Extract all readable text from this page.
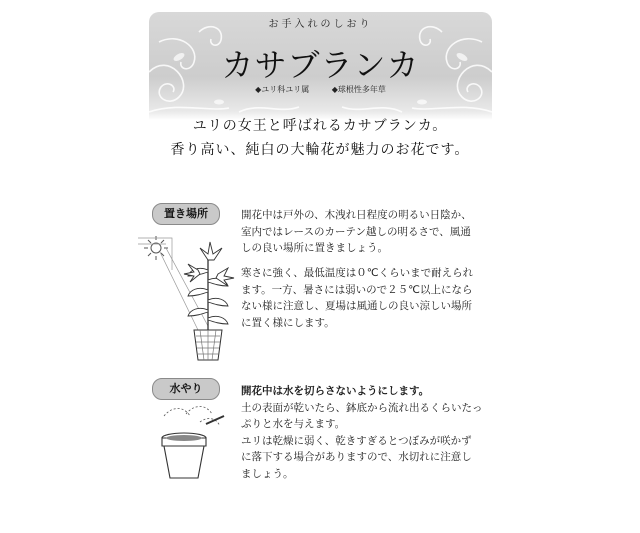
お手入れのしおり
カサブランカ
◆ユリ科ユリ属	◆球根性多年草
ユリの女王と呼ばれるカサブランカ。
香り高い、純白の大輪花が魅力のお花です。
置き場所	開花中は戸外の、木洩れ日程度の明るい日陰か、
室内ではレースのカーテン越しの明るさで、風通
しの良い場所に置きましょう。
寒さに強く、最低温度は０℃くらいまで耐えられ
ます。一方、暑さには弱いので２５℃以上になら
ない様に注意し、夏場は風通しの良い涼しい場所
に置く様にします。
水やり	開花中は水を切らさないようにします。
土の表面が乾いたら、鉢底から流れ出るくらいたっ
ぷりと水を与えます。
ユリは乾燥に弱く、乾きすぎるとつぼみが咲かず
に落下する場合がありますので、水切れに注意し
ましょう。
